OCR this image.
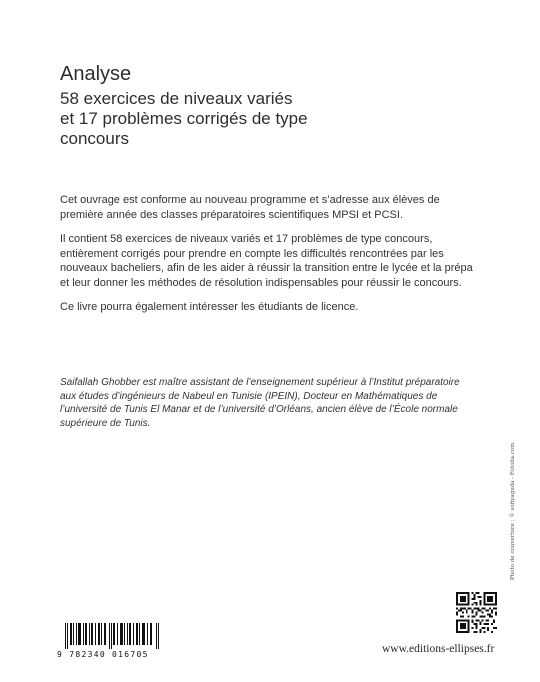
Analyse

58 exercices de niveaux variés

et 17 problèmes corrigés de type

concours

Cet ouvrage est conforme au nouveau programme et s’adresse aux élèves de première année des classes préparatoires scientifiques MPSI et PCSI.

Il contient 58 exercices de niveaux variés et 17 problèmes de type concours, entièrement corrigés pour prendre en compte les difficultés rencontrées par les nouveaux bacheliers, afin de les aider à réussir la transition entre le lycée et la prépa et leur donner les méthodes de résolution indispensables pour réussir le concours.

Ce livre pourra également intéresser les étudiants de licence.

Saifallah Ghobber est maître assistant de l’enseignement supérieur à l’Institut préparatoire aux études d’ingénieurs de Nabeul en Tunisie (IPEIN), Docteur en Mathématiques de l’université de Tunis El Manar et de l’université d’Orléans, ancien élève de l’École normale supérieure de Tunis.

Photo de couverture : © sofiyaguda - Fotolia.com
www.editions-ellipses.fr
9 782340 016705
